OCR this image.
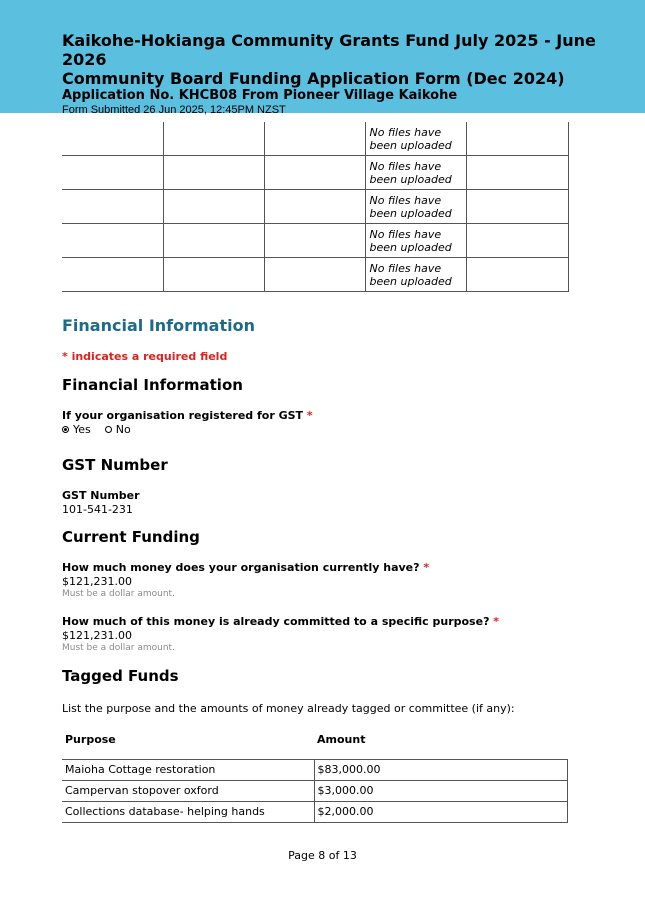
Kaikohe-Hokianga Community Grants Fund July 2025 - June 2026

Community Board Funding Application Form (Dec 2024)

Application No. KHCB08 From Pioneer Village Kaikohe

Form Submitted 26 Jun 2025, 12:45PM NZST

			No files have been uploaded	
			No files have been uploaded	
			No files have been uploaded	
			No files have been uploaded	
			No files have been uploaded	
Financial Information

* indicates a required field

Financial Information

If your organisation registered for GST *

Yes No
GST Number

GST Number

101-541-231

Current Funding

How much money does your organisation currently have? *

$121,231.00

Must be a dollar amount.

How much of this money is already committed to a specific purpose? *

$121,231.00

Must be a dollar amount.

Tagged Funds

List the purpose and the amounts of money already tagged or committee (if any):

Purpose	Amount
Maioha Cottage restoration	$83,000.00
Campervan stopover oxford	$3,000.00
Collections database- helping hands	$2,000.00
Page 8 of 13
